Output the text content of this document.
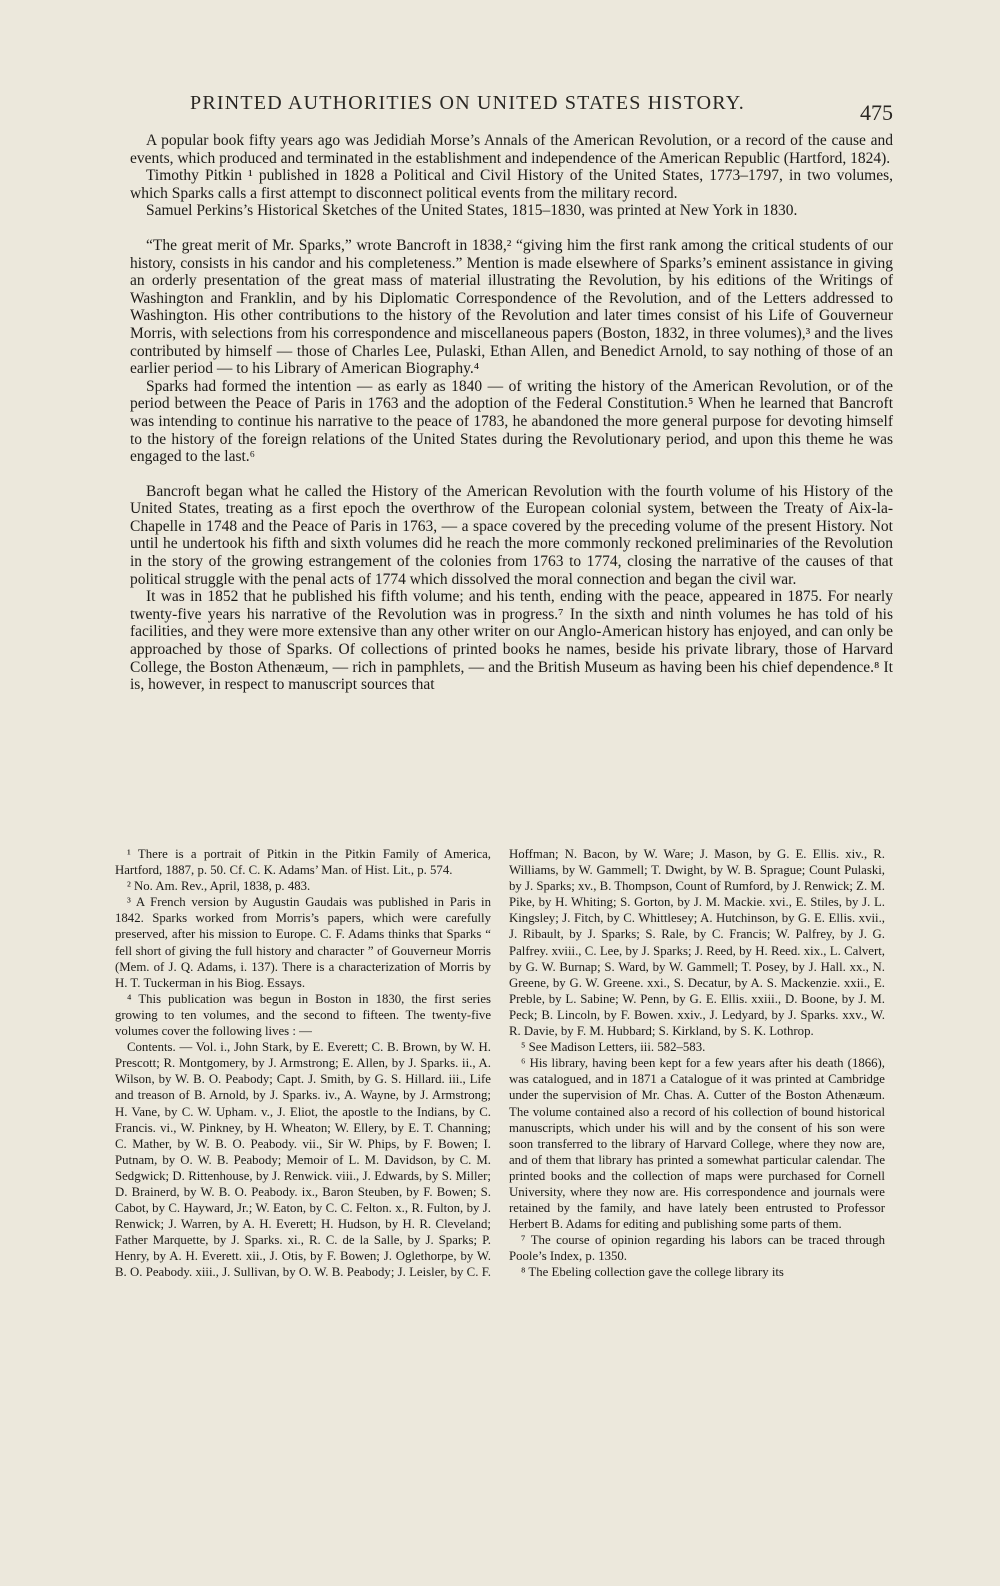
PRINTED AUTHORITIES ON UNITED STATES HISTORY.	475

A popular book fifty years ago was Jedidiah Morse’s Annals of the American Revolution, or a record of the cause and events, which produced and terminated in the establishment and independence of the American Republic (Hartford, 1824).

Timothy Pitkin ¹ published in 1828 a Political and Civil History of the United States, 1773–1797, in two volumes, which Sparks calls a first attempt to disconnect political events from the military record.

Samuel Perkins’s Historical Sketches of the United States, 1815–1830, was printed at New York in 1830.

“The great merit of Mr. Sparks,” wrote Bancroft in 1838,² “giving him the first rank among the critical students of our history, consists in his candor and his completeness.” Mention is made elsewhere of Sparks’s eminent assistance in giving an orderly presentation of the great mass of material illustrating the Revolution, by his editions of the Writings of Washington and Franklin, and by his Diplomatic Correspondence of the Revolution, and of the Letters addressed to Washington. His other contributions to the history of the Revolution and later times consist of his Life of Gouverneur Morris, with selections from his correspondence and miscellaneous papers (Boston, 1832, in three volumes),³ and the lives contributed by himself — those of Charles Lee, Pulaski, Ethan Allen, and Benedict Arnold, to say nothing of those of an earlier period — to his Library of American Biography.⁴

Sparks had formed the intention — as early as 1840 — of writing the history of the American Revolution, or of the period between the Peace of Paris in 1763 and the adoption of the Federal Constitution.⁵ When he learned that Bancroft was intending to continue his narrative to the peace of 1783, he abandoned the more general purpose for devoting himself to the history of the foreign relations of the United States during the Revolutionary period, and upon this theme he was engaged to the last.⁶

Bancroft began what he called the History of the American Revolution with the fourth volume of his History of the United States, treating as a first epoch the overthrow of the European colonial system, between the Treaty of Aix-la-Chapelle in 1748 and the Peace of Paris in 1763, — a space covered by the preceding volume of the present History. Not until he undertook his fifth and sixth volumes did he reach the more commonly reckoned preliminaries of the Revolution in the story of the growing estrangement of the colonies from 1763 to 1774, closing the narrative of the causes of that political struggle with the penal acts of 1774 which dissolved the moral connection and began the civil war.

It was in 1852 that he published his fifth volume; and his tenth, ending with the peace, appeared in 1875. For nearly twenty-five years his narrative of the Revolution was in progress.⁷ In the sixth and ninth volumes he has told of his facilities, and they were more extensive than any other writer on our Anglo-American history has enjoyed, and can only be approached by those of Sparks. Of collections of printed books he names, beside his private library, those of Harvard College, the Boston Athenæum, — rich in pamphlets, — and the British Museum as having been his chief dependence.⁸ It is, however, in respect to manuscript sources that

¹ There is a portrait of Pitkin in the Pitkin Family of America, Hartford, 1887, p. 50. Cf. C. K. Adams’ Man. of Hist. Lit., p. 574.

² No. Am. Rev., April, 1838, p. 483.

³ A French version by Augustin Gaudais was published in Paris in 1842. Sparks worked from Morris’s papers, which were carefully preserved, after his mission to Europe. C. F. Adams thinks that Sparks “ fell short of giving the full history and character ” of Gouverneur Morris (Mem. of J. Q. Adams, i. 137). There is a characterization of Morris by H. T. Tuckerman in his Biog. Essays.

⁴ This publication was begun in Boston in 1830, the first series growing to ten volumes, and the second to fifteen. The twenty-five volumes cover the following lives : —

Contents. — Vol. i., John Stark, by E. Everett; C. B. Brown, by W. H. Prescott; R. Montgomery, by J. Armstrong; E. Allen, by J. Sparks. ii., A. Wilson, by W. B. O. Peabody; Capt. J. Smith, by G. S. Hillard. iii., Life and treason of B. Arnold, by J. Sparks. iv., A. Wayne, by J. Armstrong; H. Vane, by C. W. Upham. v., J. Eliot, the apostle to the Indians, by C. Francis. vi., W. Pinkney, by H. Wheaton; W. Ellery, by E. T. Channing; C. Mather, by W. B. O. Peabody. vii., Sir W. Phips, by F. Bowen; I. Putnam, by O. W. B. Peabody; Memoir of L. M. Davidson, by C. M. Sedgwick; D. Rittenhouse, by J. Renwick. viii., J. Edwards, by S. Miller; D. Brainerd, by W. B. O. Peabody. ix., Baron Steuben, by F. Bowen; S. Cabot, by C. Hayward, Jr.; W. Eaton, by C. C. Felton. x., R. Fulton, by J. Renwick; J. Warren, by A. H. Everett; H. Hudson, by H. R. Cleveland; Father Marquette, by J. Sparks. xi., R. C. de la Salle, by J. Sparks; P. Henry, by A. H. Everett. xii., J. Otis, by F. Bowen; J. Oglethorpe, by W. B. O. Peabody. xiii., J. Sullivan, by O. W. B. Peabody; J. Leisler, by C. F. Hoffman; N. Bacon, by W. Ware; J. Mason, by G. E. Ellis. xiv., R. Williams, by W. Gammell; T. Dwight, by W. B. Sprague; Count Pulaski, by J. Sparks; xv., B. Thompson, Count of Rumford, by J. Renwick; Z. M. Pike, by H. Whiting; S. Gorton, by J. M. Mackie. xvi., E. Stiles, by J. L. Kingsley; J. Fitch, by C. Whittlesey; A. Hutchinson, by G. E. Ellis. xvii., J. Ribault, by J. Sparks; S. Rale, by C. Francis; W. Palfrey, by J. G. Palfrey. xviii., C. Lee, by J. Sparks; J. Reed, by H. Reed. xix., L. Calvert, by G. W. Burnap; S. Ward, by W. Gammell; T. Posey, by J. Hall. xx., N. Greene, by G. W. Greene. xxi., S. Decatur, by A. S. Mackenzie. xxii., E. Preble, by L. Sabine; W. Penn, by G. E. Ellis. xxiii., D. Boone, by J. M. Peck; B. Lincoln, by F. Bowen. xxiv., J. Ledyard, by J. Sparks. xxv., W. R. Davie, by F. M. Hubbard; S. Kirkland, by S. K. Lothrop.

⁵ See Madison Letters, iii. 582–583.

⁶ His library, having been kept for a few years after his death (1866), was catalogued, and in 1871 a Catalogue of it was printed at Cambridge under the supervision of Mr. Chas. A. Cutter of the Boston Athenæum. The volume contained also a record of his collection of bound historical manuscripts, which under his will and by the consent of his son were soon transferred to the library of Harvard College, where they now are, and of them that library has printed a somewhat particular calendar. The printed books and the collection of maps were purchased for Cornell University, where they now are. His correspondence and journals were retained by the family, and have lately been entrusted to Professor Herbert B. Adams for editing and publishing some parts of them.

⁷ The course of opinion regarding his labors can be traced through Poole’s Index, p. 1350.

⁸ The Ebeling collection gave the college library its
